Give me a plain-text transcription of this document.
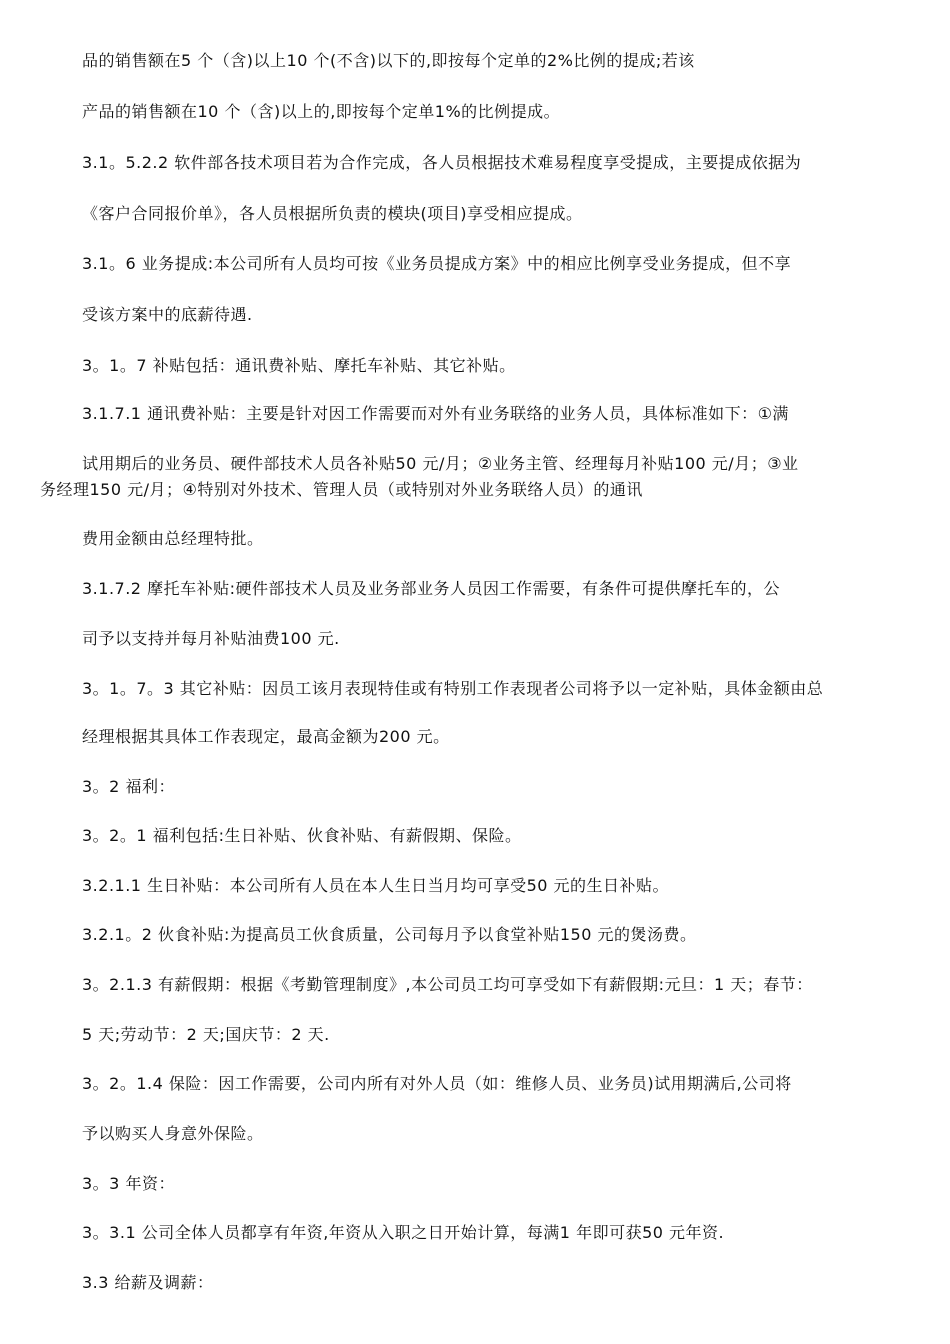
品的销售额在5 个（含)以上10 个(不含)以下的,即按每个定单的2%比例的提成;若该
产品的销售额在10 个（含)以上的,即按每个定单1%的比例提成。
3.1。5.2.2 软件部各技术项目若为合作完成，各人员根据技术难易程度享受提成，主要提成依据为
《客户合同报价单》，各人员根据所负责的模块(项目)享受相应提成。
3.1。6 业务提成:本公司所有人员均可按《业务员提成方案》中的相应比例享受业务提成，但不享
受该方案中的底薪待遇.
3。1。7 补贴包括：通讯费补贴、摩托车补贴、其它补贴。
3.1.7.1 通讯费补贴：主要是针对因工作需要而对外有业务联络的业务人员，具体标准如下：①满
试用期后的业务员、硬件部技术人员各补贴50 元/月；②业务主管、经理每月补贴100 元/月；③业
务经理150 元/月；④特别对外技术、管理人员（或特别对外业务联络人员）的通讯
费用金额由总经理特批。
3.1.7.2 摩托车补贴:硬件部技术人员及业务部业务人员因工作需要，有条件可提供摩托车的，公
司予以支持并每月补贴油费100 元.
3。1。7。3 其它补贴：因员工该月表现特佳或有特别工作表现者公司将予以一定补贴，具体金额由总
经理根据其具体工作表现定，最高金额为200 元。
3。2 福利：
3。2。1 福利包括:生日补贴、伙食补贴、有薪假期、保险。
3.2.1.1 生日补贴：本公司所有人员在本人生日当月均可享受50 元的生日补贴。
3.2.1。2 伙食补贴:为提高员工伙食质量，公司每月予以食堂补贴150 元的煲汤费。
3。2.1.3 有薪假期：根据《考勤管理制度》,本公司员工均可享受如下有薪假期:元旦：1 天；春节：
5 天;劳动节：2 天;国庆节：2 天.
3。2。1.4 保险：因工作需要，公司内所有对外人员（如：维修人员、业务员)试用期满后,公司将
予以购买人身意外保险。
3。3 年资：
3。3.1 公司全体人员都享有年资,年资从入职之日开始计算，每满1 年即可获50 元年资.
3.3 给薪及调薪：
